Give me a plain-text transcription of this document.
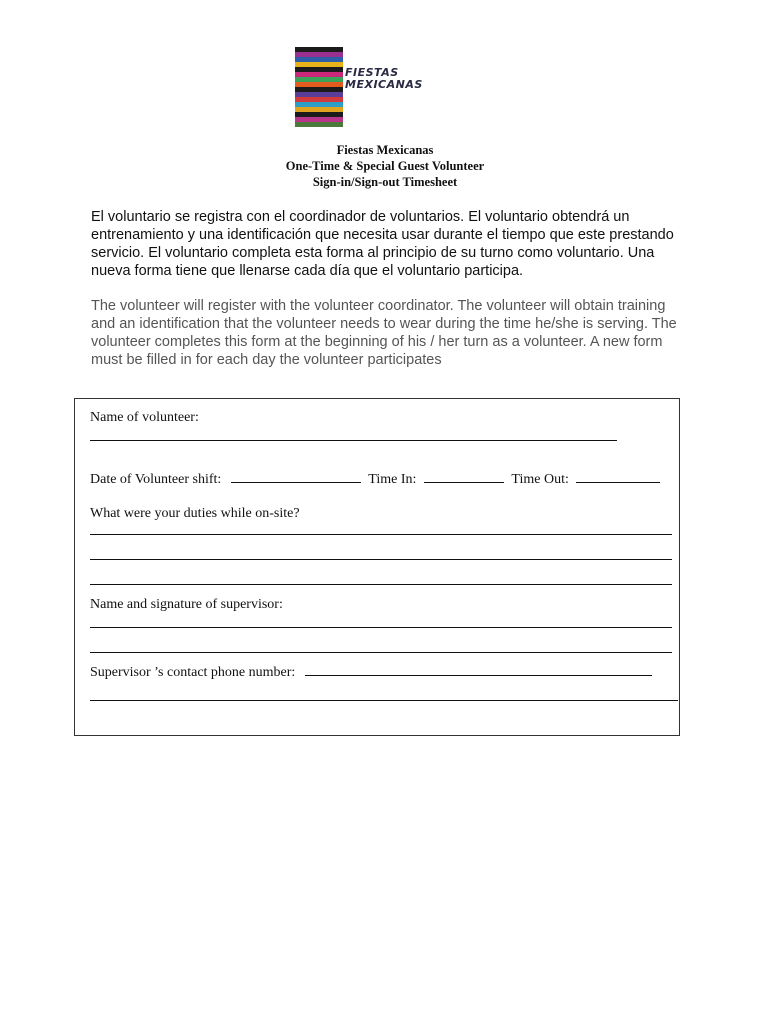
FIESTAS
MEXICANAS
Fiestas Mexicanas
One-Time & Special Guest Volunteer
Sign-in/Sign-out Timesheet

El voluntario se registra con el coordinador de voluntarios. El voluntario obtendrá un entrenamiento y una identificación que necesita usar durante el tiempo que este prestando servicio. El voluntario completa esta forma al principio de su turno como voluntario. Una nueva forma tiene que llenarse cada día que el voluntario participa.

The volunteer will register with the volunteer coordinator. The volunteer will obtain training and an identification that the volunteer needs to wear during the time he/she is serving. The volunteer completes this form at the beginning of his / her turn as a volunteer. A new form must be filled in for each day the volunteer participates

Name of volunteer:
Date of Volunteer shift:	Time In:	Time Out:
What were your duties while on-site?
Name and signature of supervisor:
Supervisor ’s contact phone number:
